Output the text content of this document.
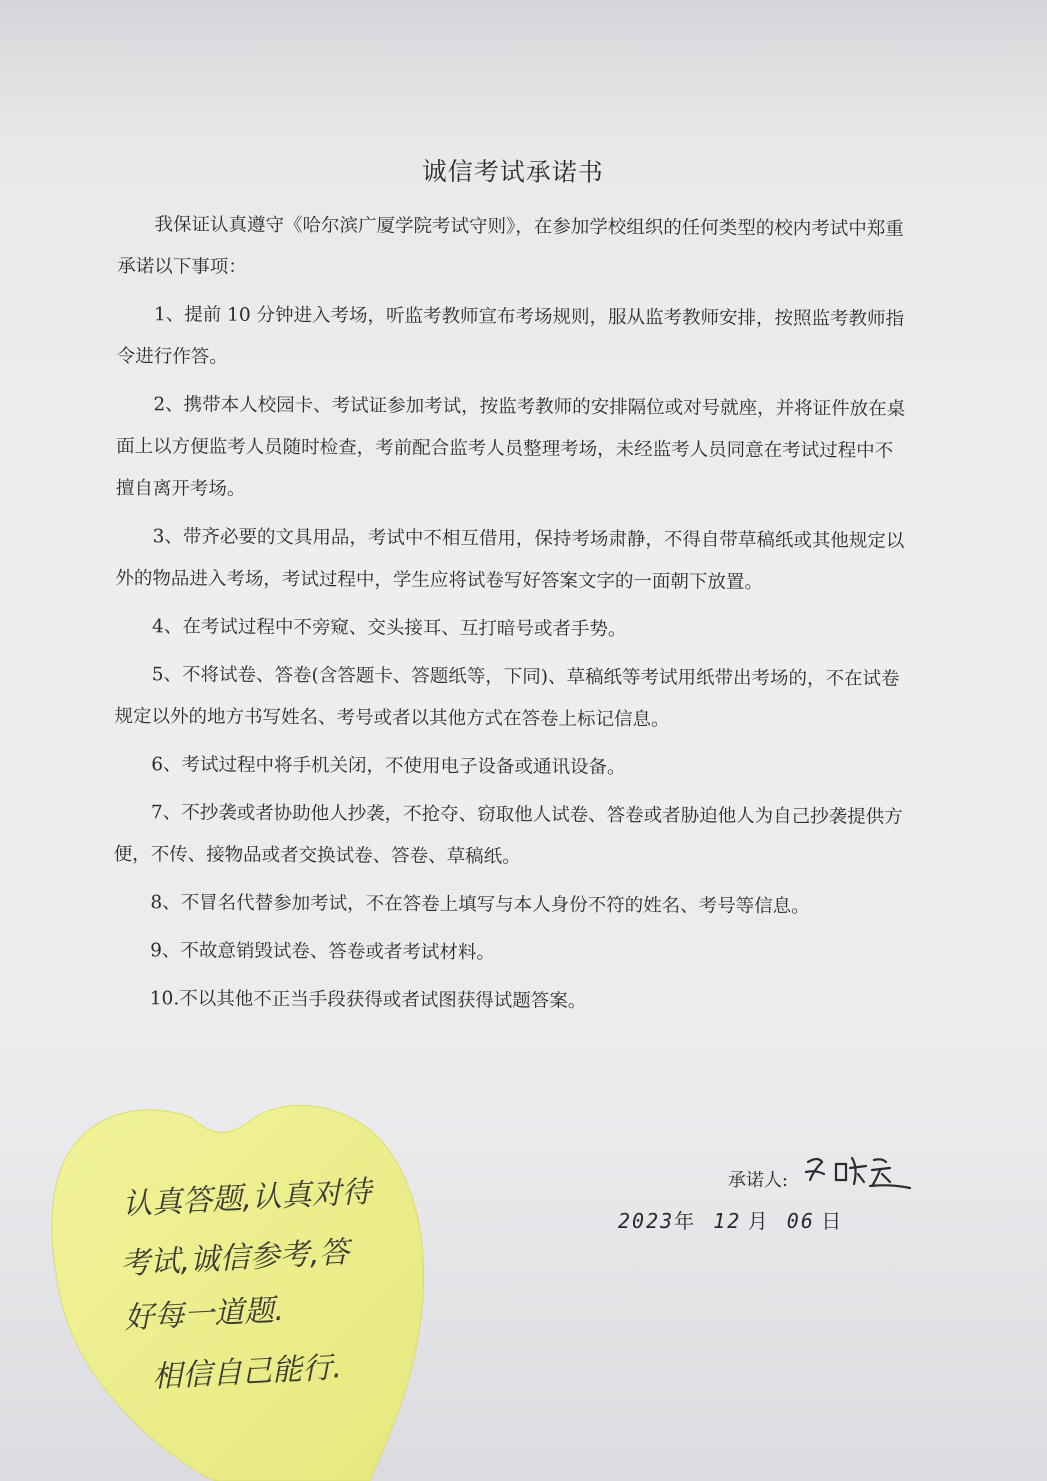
诚信考试承诺书

我保证认真遵守《哈尔滨广厦学院考试守则》，在参加学校组织的任何类型的校内考试中郑重承诺以下事项：

1、提前 10 分钟进入考场，听监考教师宣布考场规则，服从监考教师安排，按照监考教师指令进行作答。

2、携带本人校园卡、考试证参加考试，按监考教师的安排隔位或对号就座，并将证件放在桌面上以方便监考人员随时检查，考前配合监考人员整理考场，未经监考人员同意在考试过程中不擅自离开考场。

3、带齐必要的文具用品，考试中不相互借用，保持考场肃静，不得自带草稿纸或其他规定以外的物品进入考场，考试过程中，学生应将试卷写好答案文字的一面朝下放置。

4、在考试过程中不旁窥、交头接耳、互打暗号或者手势。

5、不将试卷、答卷(含答题卡、答题纸等，下同)、草稿纸等考试用纸带出考场的，不在试卷规定以外的地方书写姓名、考号或者以其他方式在答卷上标记信息。

6、考试过程中将手机关闭，不使用电子设备或通讯设备。

7、不抄袭或者协助他人抄袭，不抢夺、窃取他人试卷、答卷或者胁迫他人为自己抄袭提供方便，不传、接物品或者交换试卷、答卷、草稿纸。

8、不冒名代替参加考试，不在答卷上填写与本人身份不符的姓名、考号等信息。

9、不故意销毁试卷、答卷或者考试材料。

10.不以其他不正当手段获得或者试图获得试题答案。

承诺人:
2023年 12 月 06 日
认真答题,认真对待
考试,诚信参考,答
好每一道题.
相信自己能行.
